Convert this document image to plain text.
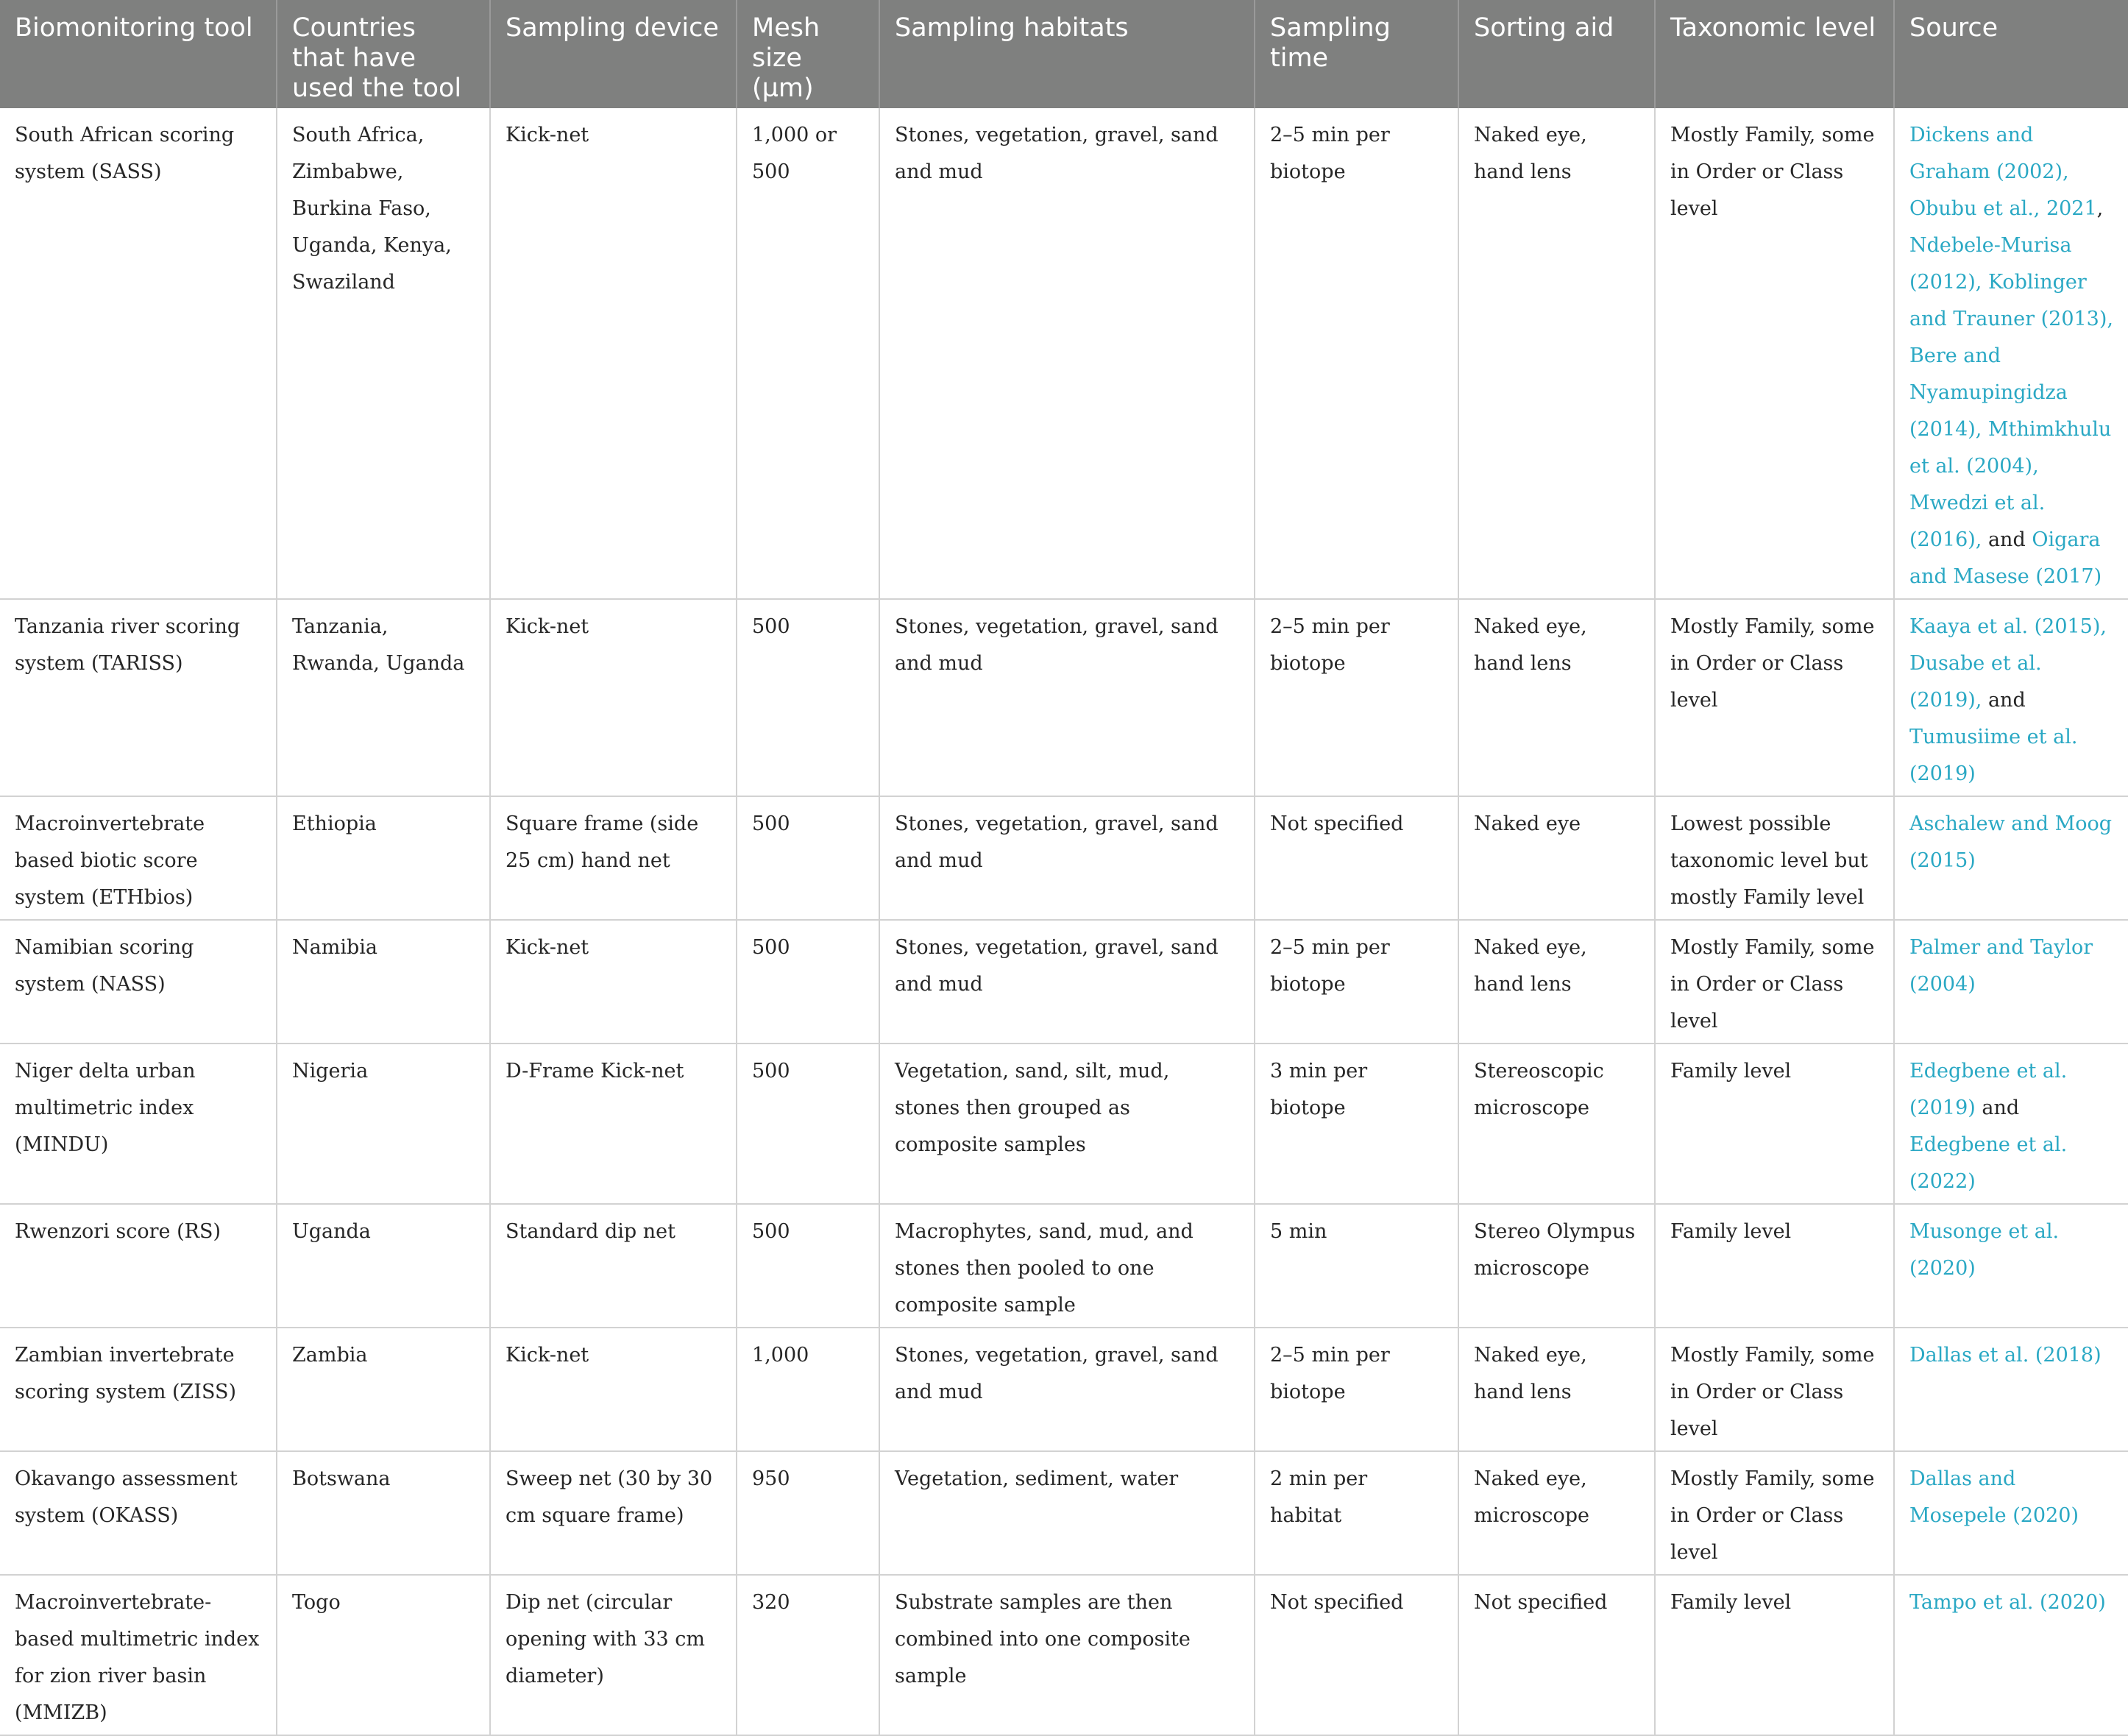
Biomonitoring tool	Countries that have used the tool	Sampling device	Mesh size (µm)	Sampling habitats	Sampling time	Sorting aid	Taxonomic level	Source
South African scoring system (SASS)	South Africa, Zimbabwe, Burkina Faso, Uganda, Kenya, Swaziland	Kick-net	1,000 or 500	Stones, vegetation, gravel, sand and mud	2–5 min per biotope	Naked eye, hand lens	Mostly Family, some in Order or Class level	Dickens and Graham (2002), Obubu et al., 2021, Ndebele-Murisa (2012), Koblinger and Trauner (2013), Bere and Nyamupingidza (2014), Mthimkhulu et al. (2004), Mwedzi et al. (2016), and Oigara and Masese (2017)
Tanzania river scoring system (TARISS)	Tanzania, Rwanda, Uganda	Kick-net	500	Stones, vegetation, gravel, sand and mud	2–5 min per biotope	Naked eye, hand lens	Mostly Family, some in Order or Class level	Kaaya et al. (2015), Dusabe et al. (2019), and Tumusiime et al. (2019)
Macroinvertebrate based biotic score system (ETHbios)	Ethiopia	Square frame (side 25 cm) hand net	500	Stones, vegetation, gravel, sand and mud	Not specified	Naked eye	Lowest possible taxonomic level but mostly Family level	Aschalew and Moog (2015)
Namibian scoring system (NASS)	Namibia	Kick-net	500	Stones, vegetation, gravel, sand and mud	2–5 min per biotope	Naked eye, hand lens	Mostly Family, some in Order or Class level	Palmer and Taylor (2004)
Niger delta urban multimetric index (MINDU)	Nigeria	D-Frame Kick-net	500	Vegetation, sand, silt, mud, stones then grouped as composite samples	3 min per biotope	Stereoscopic microscope	Family level	Edegbene et al. (2019) and Edegbene et al. (2022)
Rwenzori score (RS)	Uganda	Standard dip net	500	Macrophytes, sand, mud, and stones then pooled to one composite sample	5 min	Stereo Olympus microscope	Family level	Musonge et al. (2020)
Zambian invertebrate scoring system (ZISS)	Zambia	Kick-net	1,000	Stones, vegetation, gravel, sand and mud	2–5 min per biotope	Naked eye, hand lens	Mostly Family, some in Order or Class level	Dallas et al. (2018)
Okavango assessment system (OKASS)	Botswana	Sweep net (30 by 30 cm square frame)	950	Vegetation, sediment, water	2 min per habitat	Naked eye, microscope	Mostly Family, some in Order or Class level	Dallas and Mosepele (2020)
Macroinvertebrate-based multimetric index for zion river basin (MMIZB)	Togo	Dip net (circular opening with 33 cm diameter)	320	Substrate samples are then combined into one composite sample	Not specified	Not specified	Family level	Tampo et al. (2020)
